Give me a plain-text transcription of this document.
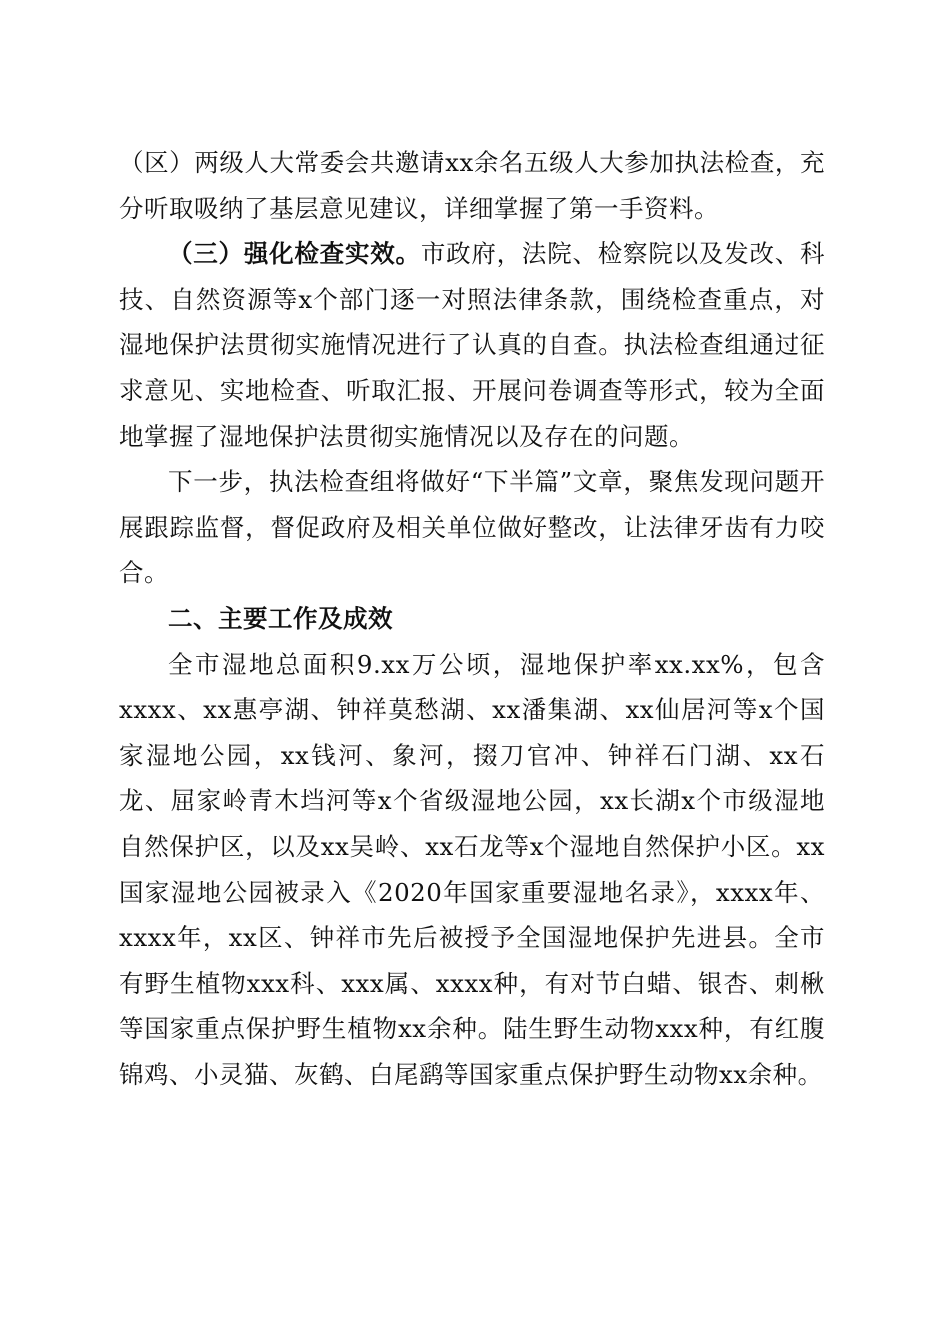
（区）两级人大常委会共邀请xx余名五级人大参加执法检查，充分听取吸纳了基层意见建议，详细掌握了第一手资料。

（三）强化检查实效。市政府，法院、检察院以及发改、科技、自然资源等x个部门逐一对照法律条款，围绕检查重点，对湿地保护法贯彻实施情况进行了认真的自查。执法检查组通过征求意见、实地检查、听取汇报、开展问卷调查等形式，较为全面地掌握了湿地保护法贯彻实施情况以及存在的问题。

下一步，执法检查组将做好“下半篇”文章，聚焦发现问题开展跟踪监督，督促政府及相关单位做好整改，让法律牙齿有力咬合。

二、主要工作及成效

全市湿地总面积9.xx万公顷，湿地保护率xx.xx%，包含xxxx、xx惠亭湖、钟祥莫愁湖、xx潘集湖、xx仙居河等x个国家湿地公园，xx钱河、象河，掇刀官冲、钟祥石门湖、xx石龙、屈家岭青木垱河等x个省级湿地公园，xx长湖x个市级湿地自然保护区，以及xx吴岭、xx石龙等x个湿地自然保护小区。xx国家湿地公园被录入《2020年国家重要湿地名录》，xxxx年、xxxx年，xx区、钟祥市先后被授予全国湿地保护先进县。全市有野生植物xxx科、xxx属、xxxx种，有对节白蜡、银杏、刺楸等国家重点保护野生植物xx余种。陆生野生动物xxx种，有红腹锦鸡、小灵猫、灰鹤、白尾鹞等国家重点保护野生动物xx余种。
